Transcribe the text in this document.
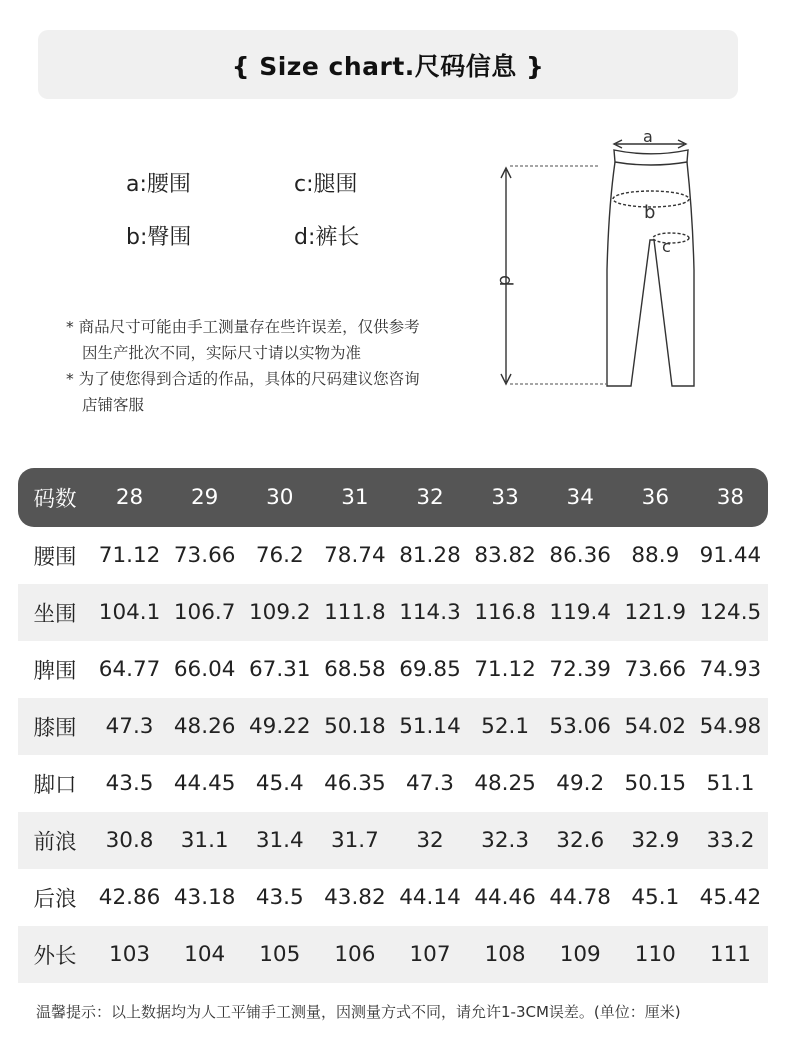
{ Size chart.尺码信息 }
a:腰围	c:腿围
b:臀围	d:裤长

* 商品尺寸可能由手工测量存在些许误差，仅供参考

因生产批次不同，实际尺寸请以实物为准

* 为了使您得到合适的作品，具体的尺码建议您咨询

店铺客服

a
b
c
d
码数	28	29	30	31	32	33	34	36	38
腰围	71.12	73.66	76.2	78.74	81.28	83.82	86.36	88.9	91.44
坐围	104.1	106.7	109.2	111.8	114.3	116.8	119.4	121.9	124.5
脾围	64.77	66.04	67.31	68.58	69.85	71.12	72.39	73.66	74.93
膝围	47.3	48.26	49.22	50.18	51.14	52.1	53.06	54.02	54.98
脚口	43.5	44.45	45.4	46.35	47.3	48.25	49.2	50.15	51.1
前浪	30.8	31.1	31.4	31.7	32	32.3	32.6	32.9	33.2
后浪	42.86	43.18	43.5	43.82	44.14	44.46	44.78	45.1	45.42
外长	103	104	105	106	107	108	109	110	111
温馨提示：以上数据均为人工平铺手工测量，因测量方式不同，请允许1-3CM误差。(单位：厘米)
